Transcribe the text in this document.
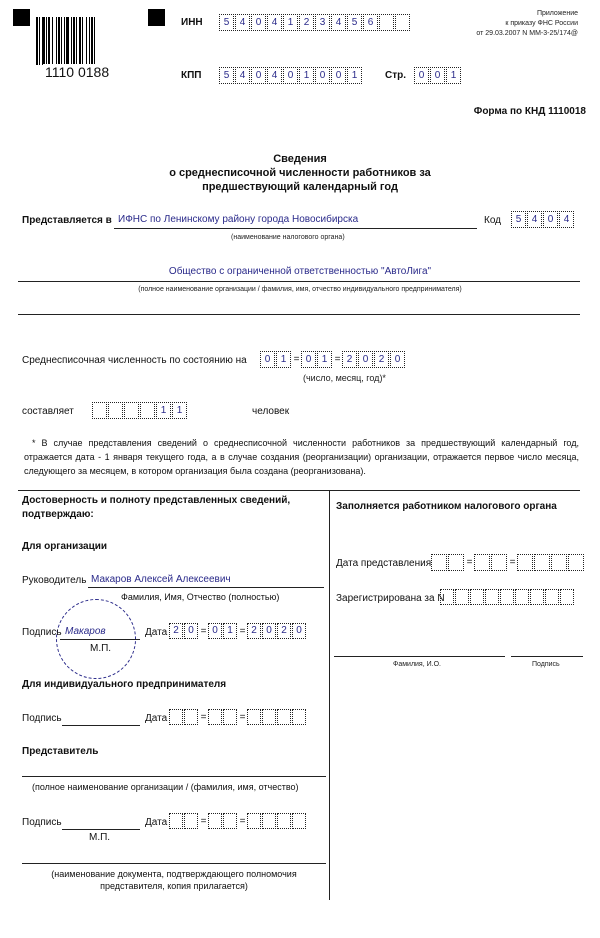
1110 0188
ИНН	5	4	0	4	1	2	3	4	5	6
КПП	5	4	0	4	0	1	0	0	1	Стр.	0	0	1
Приложение
к приказу ФНС России
от 29.03.2007 N ММ-3-25/174@
Форма по КНД 1110018
Сведения
о среднесписочной численности работников за
предшествующий календарный год
Представляется в ИФНС по Ленинскому району города Новосибирска
(наименование налогового органа)
Код	5	4	0	4
Общество с ограниченной ответственностью "АвтоЛига"
(полное наименование организации / фамилия, имя, отчество индивидуального предпринимателя)
Среднесписочная численность по состоянию на	0	1 = 0	1 = 2	0	2	0
(число, месяц, год)*
составляет	1	1	человек
* В случае представления сведений о среднесписочной численности работников за предшествующий календарный год, отражается дата - 1 января текущего года, а в случае создания (реорганизации) организации, отражается первое число месяца, следующего за месяцем, в котором организация была создана (реорганизована).
Достоверность и полноту представленных сведений,
подтверждаю:
Для организации
Руководитель Макаров Алексей Алексеевич
Фамилия, Имя, Отчество (полностью)
Подпись Макаров
М.П.
Дата 2 0 = 0 1 = 2 0 2 0
Для индивидуального предпринимателя
Подпись	Дата	=	=
Представитель
(полное наименование организации / (фамилия, имя, отчество)
Подпись
М.П.
Дата	=	=
(наименование документа, подтверждающего полномочия
представителя, копия прилагается)
Заполняется работником налогового органа
Дата представления	=	=
Зарегистрирована за N
Фамилия, И.О.	Подпись
